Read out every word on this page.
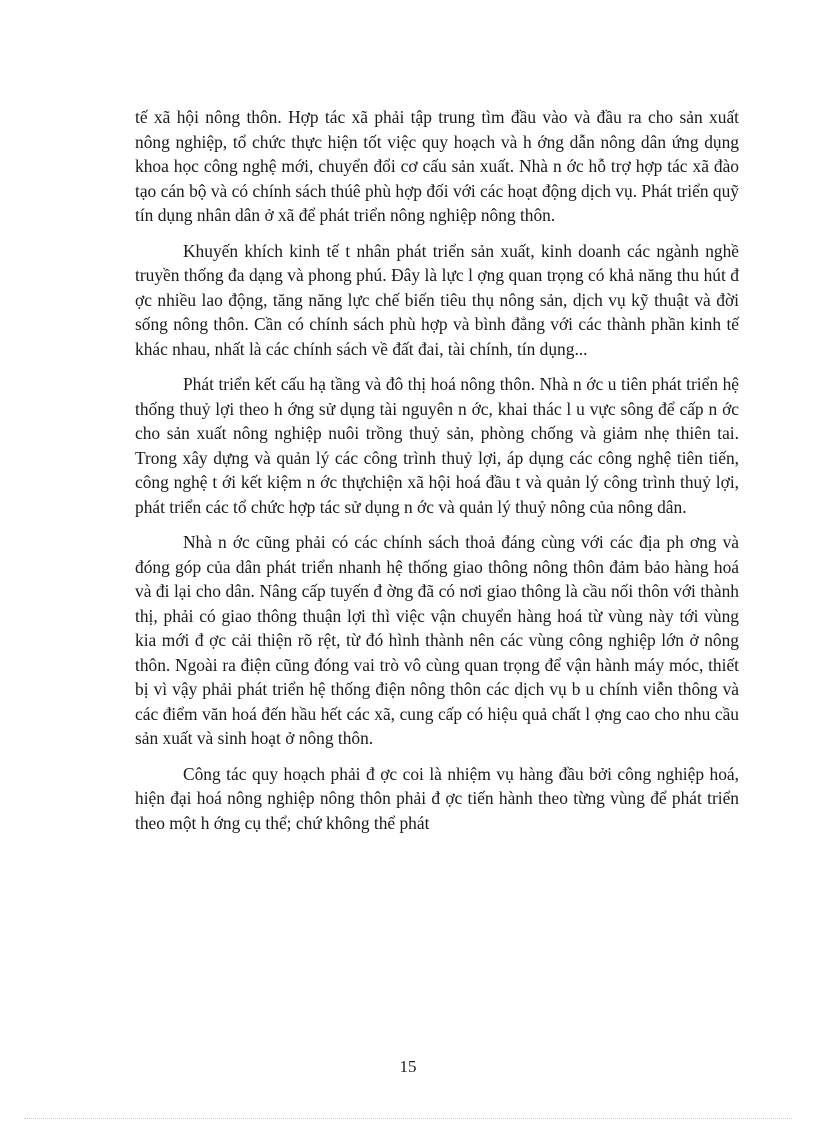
tế xã hội nông thôn. Hợp tác xã phải tập trung tìm đầu vào và đầu ra cho sản xuất nông nghiệp, tổ chức thực hiện tốt việc quy hoạch và h ớng dẫn nông dân ứng dụng khoa học công nghệ mới, chuyển đổi cơ cấu sản xuất. Nhà n ớc hỗ trợ hợp tác xã đào tạo cán bộ và có chính sách thúê phù hợp đối với các hoạt động dịch vụ. Phát triển quỹ tín dụng nhân dân ở xã để phát triển nông nghiệp nông thôn.

Khuyến khích kinh tế t nhân phát triển sản xuất, kinh doanh các ngành nghề truyền thống đa dạng và phong phú. Đây là lực l ợng quan trọng có khả năng thu hút đ ợc nhiều lao động, tăng năng lực chế biến tiêu thụ nông sản, dịch vụ kỹ thuật và đời sống nông thôn. Cần có chính sách phù hợp và bình đẳng với các thành phần kinh tế khác nhau, nhất là các chính sách về đất đai, tài chính, tín dụng...

Phát triển kết cấu hạ tầng và đô thị hoá nông thôn. Nhà n ớc u tiên phát triển hệ thống thuỷ lợi theo h ớng sử dụng tài nguyên n ớc, khai thác l u vực sông để cấp n ớc cho sản xuất nông nghiệp nuôi trồng thuỷ sản, phòng chống và giảm nhẹ thiên tai. Trong xây dựng và quản lý các công trình thuỷ lợi, áp dụng các công nghệ tiên tiến, công nghệ t ới kết kiệm n ớc thựchiện xã hội hoá đầu t và quản lý công trình thuỷ lợi, phát triển các tổ chức hợp tác sử dụng n ớc và quản lý thuỷ nông của nông dân.

Nhà n ớc cũng phải có các chính sách thoả đáng cùng với các địa ph ơng và đóng góp của dân phát triển nhanh hệ thống giao thông nông thôn đảm bảo hàng hoá và đi lại cho dân. Nâng cấp tuyến đ ờng đã có nơi giao thông là cầu nối thôn với thành thị, phải có giao thông thuận lợi thì việc vận chuyển hàng hoá từ vùng này tới vùng kia mới đ ợc cải thiện rõ rệt, từ đó hình thành nên các vùng công nghiệp lớn ở nông thôn. Ngoài ra điện cũng đóng vai trò vô cùng quan trọng để vận hành máy móc, thiết bị vì vậy phải phát triển hệ thống điện nông thôn các dịch vụ b u chính viễn thông và các điểm văn hoá đến hầu hết các xã, cung cấp có hiệu quả chất l ợng cao cho nhu cầu sản xuất và sinh hoạt ở nông thôn.

Công tác quy hoạch phải đ ợc coi là nhiệm vụ hàng đầu bởi công nghiệp hoá, hiện đại hoá nông nghiệp nông thôn phải đ ợc tiến hành theo từng vùng để phát triển theo một h ớng cụ thể; chứ không thể phát

15
